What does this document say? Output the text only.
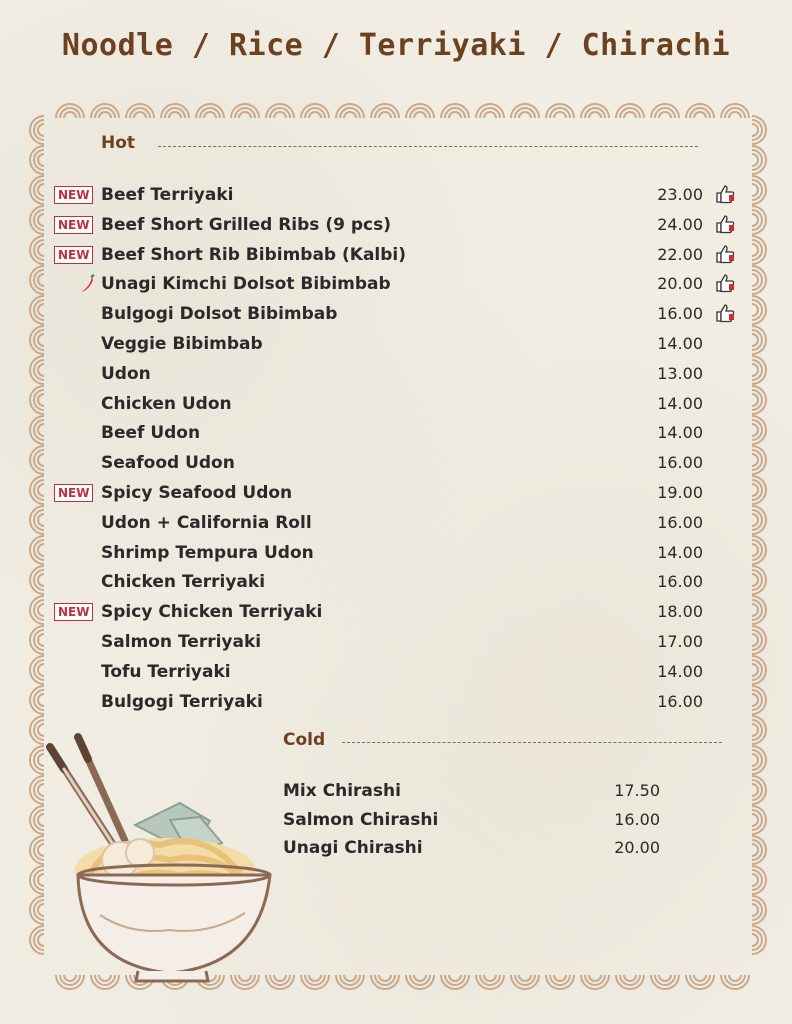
Noodle / Rice / Terriyaki / Chirachi
Hot
NEW Beef Terriyaki	23.00
NEW Beef Short Grilled Ribs (9 pcs)	24.00
NEW Beef Short Rib Bibimbab (Kalbi)	22.00
Unagi Kimchi Dolsot Bibimbab	20.00
Bulgogi Dolsot Bibimbab	16.00
Veggie Bibimbab	14.00
Udon	13.00
Chicken Udon	14.00
Beef Udon	14.00
Seafood Udon	16.00
NEW Spicy Seafood Udon	19.00
Udon + California Roll	16.00
Shrimp Tempura Udon	14.00
Chicken Terriyaki	16.00
NEW Spicy Chicken Terriyaki	18.00
Salmon Terriyaki	17.00
Tofu Terriyaki	14.00
Bulgogi Terriyaki	16.00
Cold
Mix Chirashi	17.50
Salmon Chirashi	16.00
Unagi Chirashi	20.00
